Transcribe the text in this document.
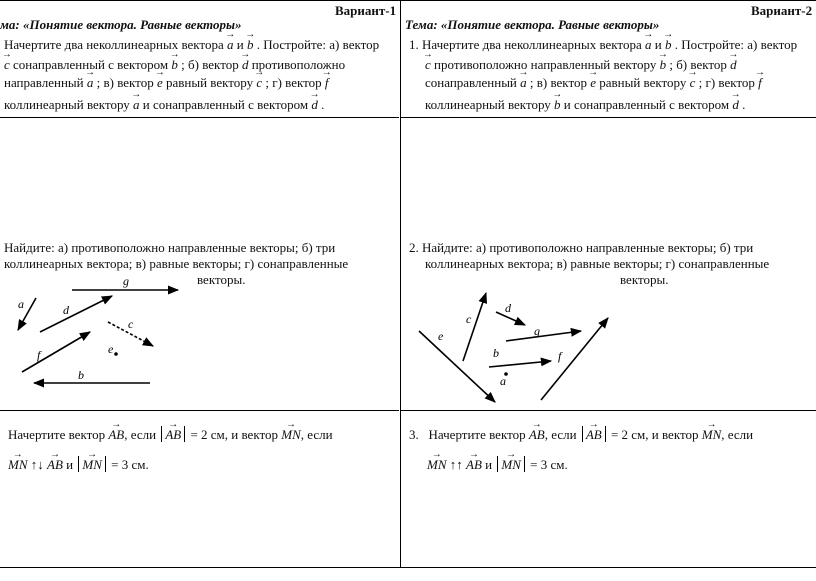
Вариант-1
ма: «Понятие вектора. Равные векторы»
Начертите два неколлинеарных вектора → a и → b . Постройте: а) вектор
→ c сонаправленный с вектором → b ; б) вектор → d противоположно
направленный → a ; в) вектор → e равный вектору → c ; г) вектор → f
коллинеарный вектору → a и сонаправленный с вектором → d .
Найдите: а) противоположно направленные векторы; б) три
коллинеарных вектора; в) равные векторы; г) сонаправленные
векторы.
a	d
g
c
f	e
b
Начертите вектор → AB, если → AB = 2 см, и вектор → MN, если
→ MN ↑↓ → AB и → MN = 3 см.
Вариант-2
Тема: «Понятие вектора. Равные векторы»
1. Начертите два неколлинеарных вектора → a и → b . Постройте: а) вектор
→ c противоположно направленный вектору → b ; б) вектор → d
сонаправленный → a ; в) вектор → e равный вектору → c ; г) вектор → f
коллинеарный вектору → b и сонаправленный с вектором → d .
2. Найдите: а) противоположно направленные векторы; б) три
коллинеарных вектора; в) равные векторы; г) сонаправленные
векторы.
c
d
e	g
b	f
a
3. Начертите вектор → AB, если → AB = 2 см, и вектор → MN, если
→ MN ↑↑ → AB и → MN = 3 см.
